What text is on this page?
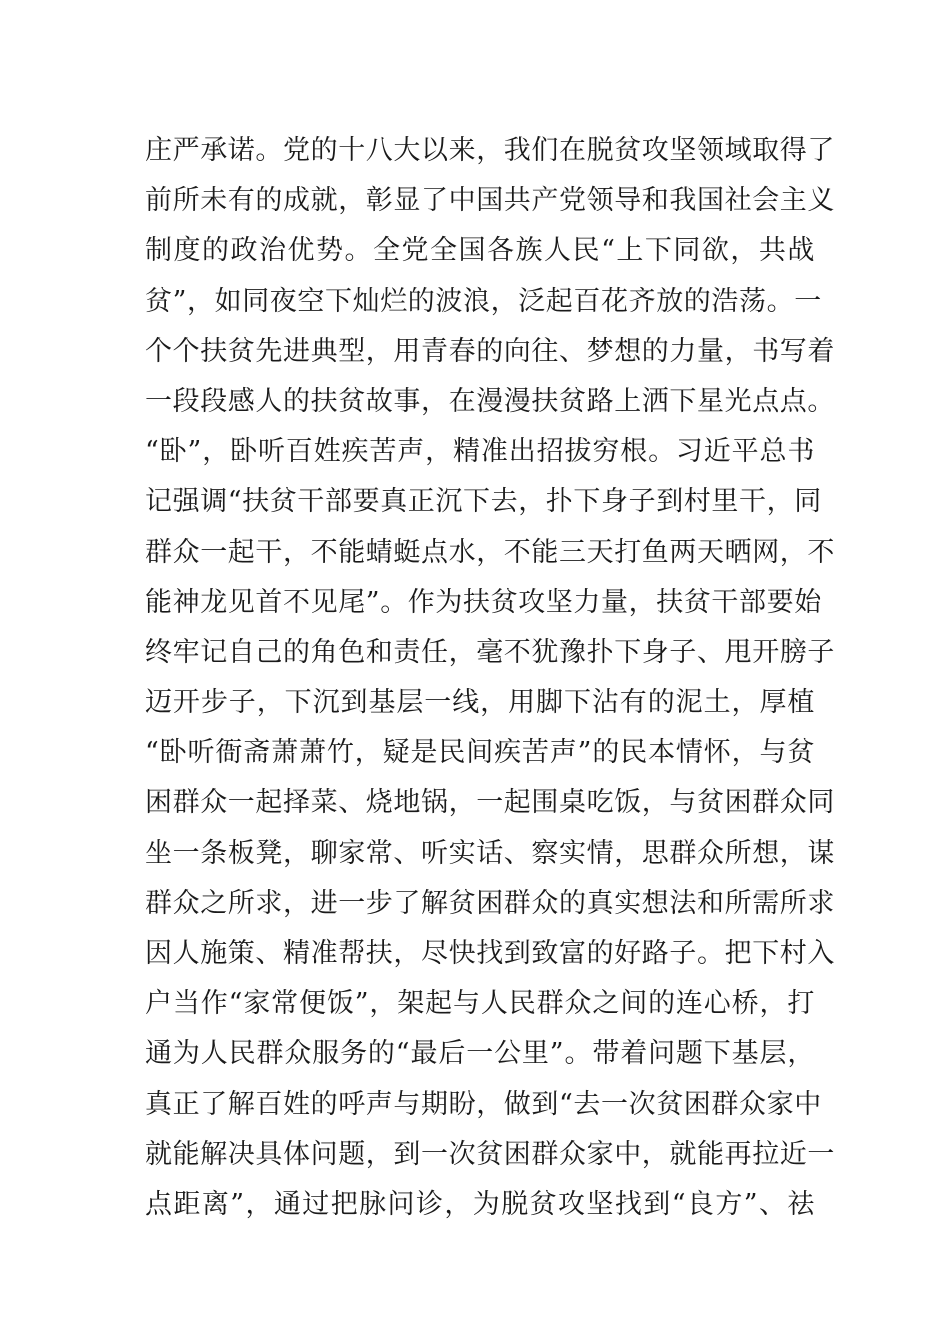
庄严承诺。党的十八大以来，我们在脱贫攻坚领域取得了
前所未有的成就，彰显了中国共产党领导和我国社会主义
制度的政治优势。全党全国各族人民“上下同欲，共战
贫”，如同夜空下灿烂的波浪，泛起百花齐放的浩荡。一
个个扶贫先进典型，用青春的向往、梦想的力量，书写着
一段段感人的扶贫故事，在漫漫扶贫路上洒下星光点点。
“卧”，卧听百姓疾苦声，精准出招拔穷根。习近平总书
记强调“扶贫干部要真正沉下去，扑下身子到村里干，同
群众一起干，不能蜻蜓点水，不能三天打鱼两天晒网，不
能神龙见首不见尾”。作为扶贫攻坚力量，扶贫干部要始
终牢记自己的角色和责任，毫不犹豫扑下身子、甩开膀子
迈开步子，下沉到基层一线，用脚下沾有的泥土，厚植
“卧听衙斋萧萧竹，疑是民间疾苦声”的民本情怀，与贫
困群众一起择菜、烧地锅，一起围桌吃饭，与贫困群众同
坐一条板凳，聊家常、听实话、察实情，思群众所想，谋
群众之所求，进一步了解贫困群众的真实想法和所需所求
因人施策、精准帮扶，尽快找到致富的好路子。把下村入
户当作“家常便饭”，架起与人民群众之间的连心桥，打
通为人民群众服务的“最后一公里”。带着问题下基层，
真正了解百姓的呼声与期盼，做到“去一次贫困群众家中
就能解决具体问题，到一次贫困群众家中，就能再拉近一
点距离”，通过把脉问诊，为脱贫攻坚找到“良方”、祛
